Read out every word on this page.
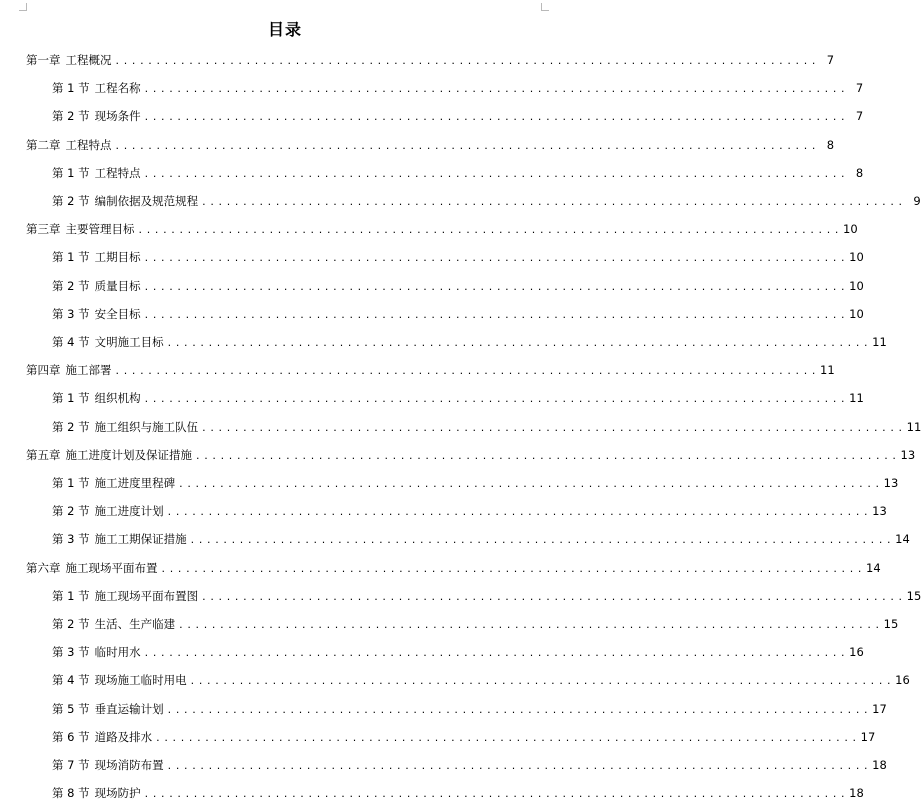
目录
第一章 工程概况 . . . . . . . . . . . . . . . . . . . . . . . . . . . . . . . . . . . . . . . . . . . . . . . . . . . . . . . . . . . . . . . . . . . . . . . . . . . . . . . . . . . . . . 7
第 1 节 工程名称 . . . . . . . . . . . . . . . . . . . . . . . . . . . . . . . . . . . . . . . . . . . . . . . . . . . . . . . . . . . . . . . . . . . . . . . . . . . . . . . . . . . . . . 7
第 2 节 现场条件 . . . . . . . . . . . . . . . . . . . . . . . . . . . . . . . . . . . . . . . . . . . . . . . . . . . . . . . . . . . . . . . . . . . . . . . . . . . . . . . . . . . . . . 7
第二章 工程特点 . . . . . . . . . . . . . . . . . . . . . . . . . . . . . . . . . . . . . . . . . . . . . . . . . . . . . . . . . . . . . . . . . . . . . . . . . . . . . . . . . . . . . . 8
第 1 节 工程特点 . . . . . . . . . . . . . . . . . . . . . . . . . . . . . . . . . . . . . . . . . . . . . . . . . . . . . . . . . . . . . . . . . . . . . . . . . . . . . . . . . . . . . . 8
第 2 节 编制依据及规范规程 . . . . . . . . . . . . . . . . . . . . . . . . . . . . . . . . . . . . . . . . . . . . . . . . . . . . . . . . . . . . . . . . . . . . . . . . . . . . . . . . . . . . . . 9
第三章 主要管理目标 . . . . . . . . . . . . . . . . . . . . . . . . . . . . . . . . . . . . . . . . . . . . . . . . . . . . . . . . . . . . . . . . . . . . . . . . . . . . . . . . . . . . . . 10
第 1 节 工期目标 . . . . . . . . . . . . . . . . . . . . . . . . . . . . . . . . . . . . . . . . . . . . . . . . . . . . . . . . . . . . . . . . . . . . . . . . . . . . . . . . . . . . . . 10
第 2 节 质量目标 . . . . . . . . . . . . . . . . . . . . . . . . . . . . . . . . . . . . . . . . . . . . . . . . . . . . . . . . . . . . . . . . . . . . . . . . . . . . . . . . . . . . . . 10
第 3 节 安全目标 . . . . . . . . . . . . . . . . . . . . . . . . . . . . . . . . . . . . . . . . . . . . . . . . . . . . . . . . . . . . . . . . . . . . . . . . . . . . . . . . . . . . . . 10
第 4 节 文明施工目标 . . . . . . . . . . . . . . . . . . . . . . . . . . . . . . . . . . . . . . . . . . . . . . . . . . . . . . . . . . . . . . . . . . . . . . . . . . . . . . . . . . . . . . 11
第四章 施工部署 . . . . . . . . . . . . . . . . . . . . . . . . . . . . . . . . . . . . . . . . . . . . . . . . . . . . . . . . . . . . . . . . . . . . . . . . . . . . . . . . . . . . . . 11
第 1 节 组织机构 . . . . . . . . . . . . . . . . . . . . . . . . . . . . . . . . . . . . . . . . . . . . . . . . . . . . . . . . . . . . . . . . . . . . . . . . . . . . . . . . . . . . . . 11
第 2 节 施工组织与施工队伍 . . . . . . . . . . . . . . . . . . . . . . . . . . . . . . . . . . . . . . . . . . . . . . . . . . . . . . . . . . . . . . . . . . . . . . . . . . . . . . . . . . . . . . 11
第五章 施工进度计划及保证措施 . . . . . . . . . . . . . . . . . . . . . . . . . . . . . . . . . . . . . . . . . . . . . . . . . . . . . . . . . . . . . . . . . . . . . . . . . . . . . . . . . . . . . . 13
第 1 节 施工进度里程碑 . . . . . . . . . . . . . . . . . . . . . . . . . . . . . . . . . . . . . . . . . . . . . . . . . . . . . . . . . . . . . . . . . . . . . . . . . . . . . . . . . . . . . . 13
第 2 节 施工进度计划 . . . . . . . . . . . . . . . . . . . . . . . . . . . . . . . . . . . . . . . . . . . . . . . . . . . . . . . . . . . . . . . . . . . . . . . . . . . . . . . . . . . . . . 13
第 3 节 施工工期保证措施 . . . . . . . . . . . . . . . . . . . . . . . . . . . . . . . . . . . . . . . . . . . . . . . . . . . . . . . . . . . . . . . . . . . . . . . . . . . . . . . . . . . . . . 14
第六章 施工现场平面布置 . . . . . . . . . . . . . . . . . . . . . . . . . . . . . . . . . . . . . . . . . . . . . . . . . . . . . . . . . . . . . . . . . . . . . . . . . . . . . . . . . . . . . . 14
第 1 节 施工现场平面布置图 . . . . . . . . . . . . . . . . . . . . . . . . . . . . . . . . . . . . . . . . . . . . . . . . . . . . . . . . . . . . . . . . . . . . . . . . . . . . . . . . . . . . . . 15
第 2 节 生活、生产临建 . . . . . . . . . . . . . . . . . . . . . . . . . . . . . . . . . . . . . . . . . . . . . . . . . . . . . . . . . . . . . . . . . . . . . . . . . . . . . . . . . . . . . . 15
第 3 节 临时用水 . . . . . . . . . . . . . . . . . . . . . . . . . . . . . . . . . . . . . . . . . . . . . . . . . . . . . . . . . . . . . . . . . . . . . . . . . . . . . . . . . . . . . . 16
第 4 节 现场施工临时用电 . . . . . . . . . . . . . . . . . . . . . . . . . . . . . . . . . . . . . . . . . . . . . . . . . . . . . . . . . . . . . . . . . . . . . . . . . . . . . . . . . . . . . . 16
第 5 节 垂直运输计划 . . . . . . . . . . . . . . . . . . . . . . . . . . . . . . . . . . . . . . . . . . . . . . . . . . . . . . . . . . . . . . . . . . . . . . . . . . . . . . . . . . . . . . 17
第 6 节 道路及排水 . . . . . . . . . . . . . . . . . . . . . . . . . . . . . . . . . . . . . . . . . . . . . . . . . . . . . . . . . . . . . . . . . . . . . . . . . . . . . . . . . . . . . . 17
第 7 节 现场消防布置 . . . . . . . . . . . . . . . . . . . . . . . . . . . . . . . . . . . . . . . . . . . . . . . . . . . . . . . . . . . . . . . . . . . . . . . . . . . . . . . . . . . . . . 18
第 8 节 现场防护 . . . . . . . . . . . . . . . . . . . . . . . . . . . . . . . . . . . . . . . . . . . . . . . . . . . . . . . . . . . . . . . . . . . . . . . . . . . . . . . . . . . . . . 18
